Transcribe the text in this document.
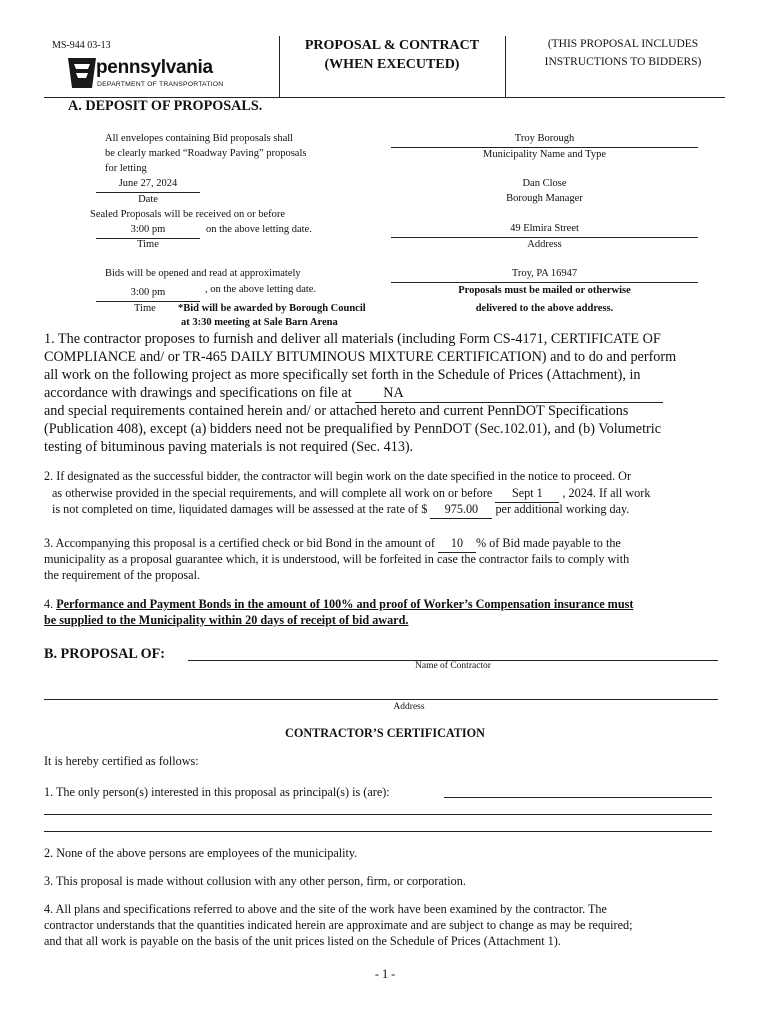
MS-944 03-13
pennsylvania
DEPARTMENT OF TRANSPORTATION
PROPOSAL & CONTRACT
(WHEN EXECUTED)
(THIS PROPOSAL INCLUDES
INSTRUCTIONS TO BIDDERS)
A. DEPOSIT OF PROPOSALS.
All envelopes containing Bid proposals shall
be clearly marked “Roadway Paving” proposals
for letting
June 27, 2024
Date
Sealed Proposals will be received on or before
3:00 pm	on the above letting date.
Time
Bids will be opened and read at approximately
3:00 pm	, on the above letting date.
Time *Bid will be awarded by Borough Council
at 3:30 meeting at Sale Barn Arena
Troy Borough
Municipality Name and Type
Dan Close
Borough Manager
49 Elmira Street
Address
Troy, PA 16947
Proposals must be mailed or otherwise
delivered to the above address.
1. The contractor proposes to furnish and deliver all materials (including Form CS-4171, CERTIFICATE OF
COMPLIANCE and/ or TR-465 DAILY BITUMINOUS MIXTURE CERTIFICATION) and to do and perform
all work on the following project as more specifically set forth in the Schedule of Prices (Attachment), in
accordance with drawings and specifications on file at NA
and special requirements contained herein and/ or attached hereto and current PennDOT Specifications
(Publication 408), except (a) bidders need not be prequalified by PennDOT (Sec.102.01), and (b) Volumetric
testing of bituminous paving materials is not required (Sec. 413).
2. If designated as the successful bidder, the contractor will begin work on the date specified in the notice to proceed. Or
as otherwise provided in the special requirements, and will complete all work on or before Sept 1 , 2024. If all work
is not completed on time, liquidated damages will be assessed at the rate of $ 975.00 per additional working day.
3. Accompanying this proposal is a certified check or bid Bond in the amount of 10 % of Bid made payable to the
municipality as a proposal guarantee which, it is understood, will be forfeited in case the contractor fails to comply with
the requirement of the proposal.
4. Performance and Payment Bonds in the amount of 100% and proof of Worker’s Compensation insurance must
be supplied to the Municipality within 20 days of receipt of bid award.
B. PROPOSAL OF:
Name of Contractor
Address
CONTRACTOR’S CERTIFICATION
It is hereby certified as follows:
1. The only person(s) interested in this proposal as principal(s) is (are):
2. None of the above persons are employees of the municipality.
3. This proposal is made without collusion with any other person, firm, or corporation.
4. All plans and specifications referred to above and the site of the work have been examined by the contractor. The
contractor understands that the quantities indicated herein are approximate and are subject to change as may be required;
and that all work is payable on the basis of the unit prices listed on the Schedule of Prices (Attachment 1).
- 1 -
